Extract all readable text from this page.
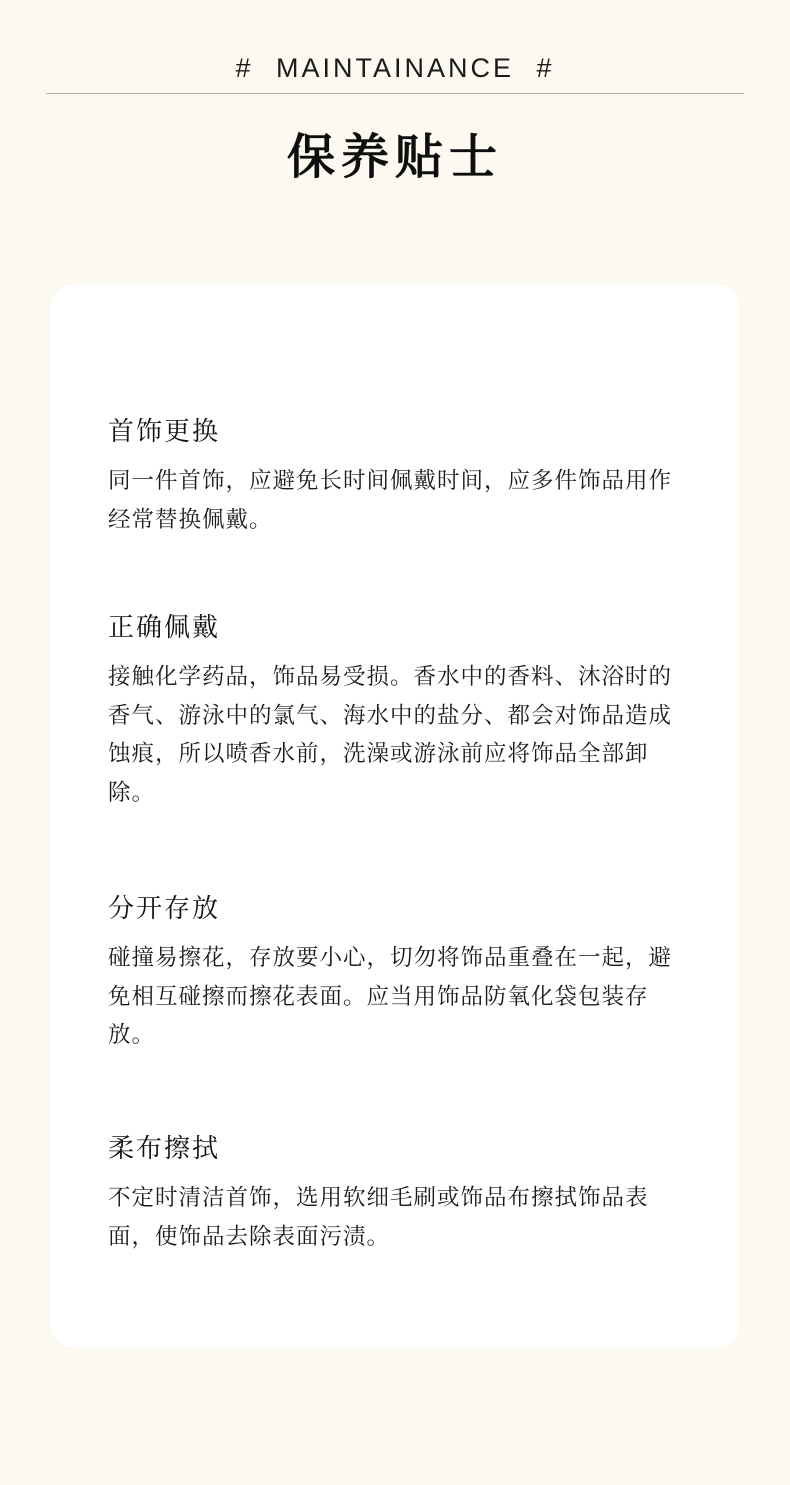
# MAINTAINANCE #
保养贴士
首饰更换
同一件首饰，应避免长时间佩戴时间，应多件饰品用作经常替换佩戴。
正确佩戴
接触化学药品，饰品易受损。香水中的香料、沐浴时的香气、游泳中的氯气、海水中的盐分、都会对饰品造成蚀痕，所以喷香水前，洗澡或游泳前应将饰品全部卸除。
分开存放
碰撞易擦花，存放要小心，切勿将饰品重叠在一起，避免相互碰擦而擦花表面。应当用饰品防氧化袋包装存放。
柔布擦拭
不定时清洁首饰，选用软细毛刷或饰品布擦拭饰品表面，使饰品去除表面污渍。
